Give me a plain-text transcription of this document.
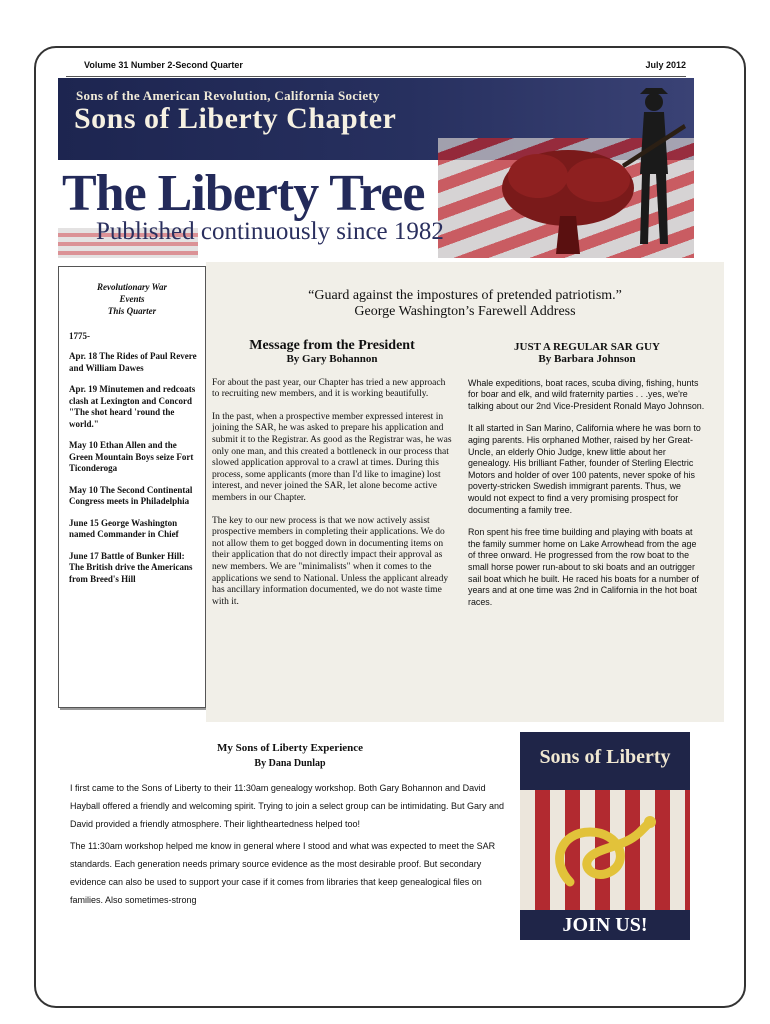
Volume 31 Number 2-Second Quarter	July 2012
Sons of the American Revolution, California Society
Sons of Liberty Chapter
The Liberty Tree
Published continuously since 1982
Revolutionary War
Events
This Quarter
1775-
Apr. 18 The Rides of Paul Revere and William Dawes
Apr. 19 Minutemen and redcoats clash at Lexington and Concord "The shot heard 'round the world."
May 10 Ethan Allen and the Green Mountain Boys seize Fort Ticonderoga
May 10 The Second Continental Congress meets in Philadelphia
June 15 George Washington named Commander in Chief
June 17 Battle of Bunker Hill: The British drive the Americans from Breed's Hill
“Guard against the impostures of pretended patriotism.”
George Washington’s Farewell Address
Message from the President
By Gary Bohannon

For about the past year, our Chapter has tried a new approach to recruiting new members, and it is working beautifully.

In the past, when a prospective member expressed interest in joining the SAR, he was asked to prepare his application and submit it to the Registrar. As good as the Registrar was, he was only one man, and this created a bottleneck in our process that slowed application approval to a crawl at times. During this process, some applicants (more than I'd like to imagine) lost interest, and never joined the SAR, let alone become active members in our Chapter.

The key to our new process is that we now actively assist prospective members in completing their applications. We do not allow them to get bogged down in documenting items on their application that do not directly impact their approval as new members. We are "minimalists" when it comes to the applications we send to National. Unless the applicant already has ancillary information documented, we do not waste time with it.

JUST A REGULAR SAR GUY
By Barbara Johnson

Whale expeditions, boat races, scuba diving, fishing, hunts for boar and elk, and wild fraternity parties . . .yes, we're talking about our 2nd Vice-President Ronald Mayo Johnson.

It all started in San Marino, California where he was born to aging parents. His orphaned Mother, raised by her Great-Uncle, an elderly Ohio Judge, knew little about her genealogy. His brilliant Father, founder of Sterling Electric Motors and holder of over 100 patents, never spoke of his poverty-stricken Swedish immigrant parents. Thus, we would not expect to find a very promising prospect for documenting a family tree.

Ron spent his free time building and playing with boats at the family summer home on Lake Arrowhead from the age of three onward. He progressed from the row boat to the small horse power run-about to ski boats and an outrigger sail boat which he built. He raced his boats for a number of years and at one time was 2nd in California in the hot boat races.

My Sons of Liberty Experience
By Dana Dunlap

I first came to the Sons of Liberty to their 11:30am genealogy workshop. Both Gary Bohannon and David Hayball offered a friendly and welcoming spirit. Trying to join a select group can be intimidating. But Gary and David provided a friendly atmosphere. Their lightheartedness helped too!

The 11:30am workshop helped me know in general where I stood and what was expected to meet the SAR standards. Each generation needs primary source evidence as the most desirable proof. But secondary evidence can also be used to support your case if it comes from libraries that keep genealogical files on families. Also sometimes-strong

Sons of Liberty
JOIN US!
